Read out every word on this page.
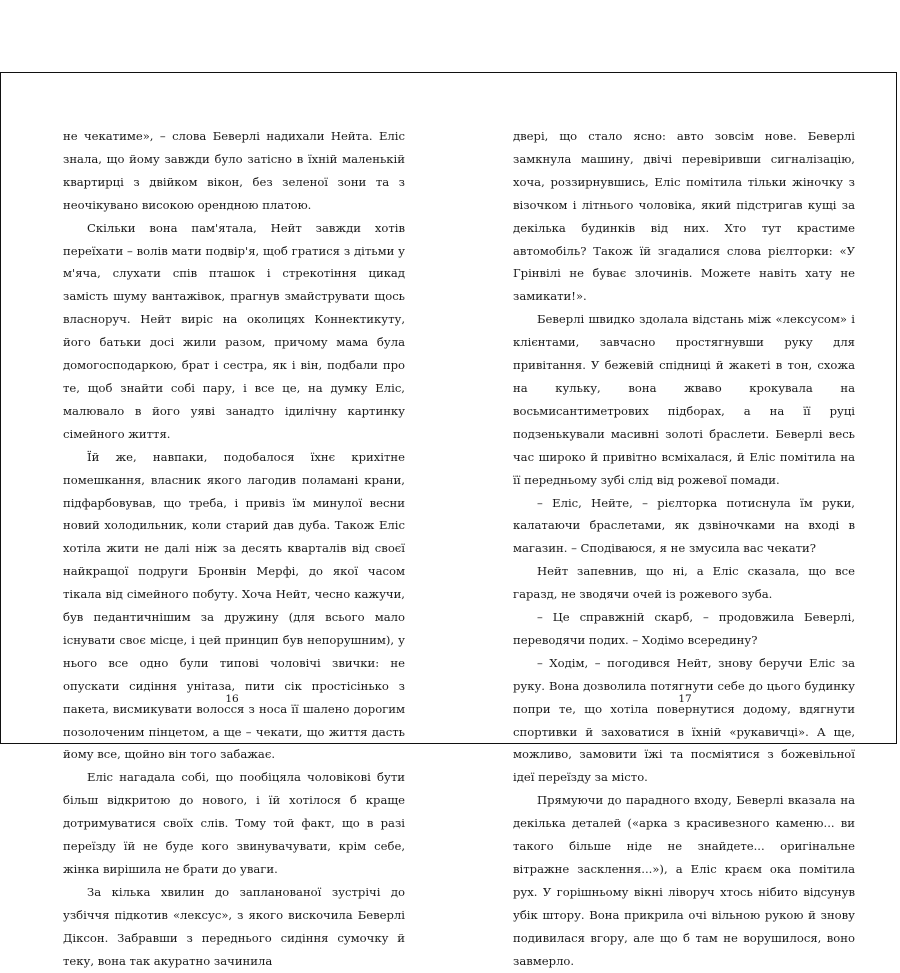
не чекатиме», – слова Беверлі надихали Нейта. Еліс знала, що йому завжди було затісно в їхній маленькій квартирці з двійком вікон, без зеленої зони та з неочікувано високою орендною платою.

Скільки вона пам'ятала, Нейт завжди хотів переїхати – волів мати подвір'я, щоб гратися з дітьми у м'яча, слухати спів пташок і стрекотіння цикад замість шуму вантажівок, прагнув змайструвати щось власноруч. Нейт виріс на околицях Коннектикуту, його батьки досі жили разом, причому мама була домогосподаркою, брат і сестра, як і він, подбали про те, щоб знайти собі пару, і все це, на думку Еліс, малювало в його уяві занадто ідилічну картинку сімейного життя.

Їй же, навпаки, подобалося їхнє крихітне помешкання, власник якого лагодив поламані крани, підфарбовував, що треба, і привіз їм минулої весни новий холодильник, коли старий дав дуба. Також Еліс хотіла жити не далі ніж за десять кварталів від своєї найкращої подруги Бронвін Мерфі, до якої часом тікала від сімейного побуту. Хоча Нейт, чесно кажучи, був педантичнішим за дружину (для всього мало існувати своє місце, і цей принцип був непорушним), у нього все одно були типові чоловічі звички: не опускати сидіння унітаза, пити сік простісінько з пакета, висмикувати волосся з носа її шалено дорогим позолоченим пінцетом, а ще – чекати, що життя дасть йому все, щойно він того забажає.

Еліс нагадала собі, що пообіцяла чоловікові бути більш відкритою до нового, і їй хотілося б краще дотримуватися своїх слів. Тому той факт, що в разі переїзду їй не буде кого звинувачувати, крім себе, жінка вирішила не брати до уваги.

За кілька хвилин до запланованої зустрічі до узбіччя підкотив «лексус», з якого вискочила Беверлі Діксон. Забравши з переднього сидіння сумочку й теку, вона так акуратно зачинила

16

двері, що стало ясно: авто зовсім нове. Беверлі замкнула машину, двічі перевіривши сигналізацію, хоча, роззирнувшись, Еліс помітила тільки жіночку з візочком і літнього чоловіка, який підстригав кущі за декілька будинків від них. Хто тут крастиме автомобіль? Також їй згадалися слова рієлторки: «У Грінвілі не буває злочинів. Можете навіть хату не замикати!».

Беверлі швидко здолала відстань між «лексусом» і клієнтами, завчасно простягнувши руку для привітання. У бежевій спідниці й жакеті в тон, схожа на кульку, вона жваво крокувала на восьмисантиметрових підборах, а на її руці подзенькували масивні золоті браслети. Беверлі весь час широко й привітно всміхалася, й Еліс помітила на її передньому зубі слід від рожевої помади.

– Еліс, Нейте, – рієлторка потиснула їм руки, калатаючи браслетами, як дзвіночками на вході в магазин. – Сподіваюся, я не змусила вас чекати?

Нейт запевнив, що ні, а Еліс сказала, що все гаразд, не зводячи очей із рожевого зуба.

– Це справжній скарб, – продовжила Беверлі, переводячи подих. – Ходімо всередину?

– Ходім, – погодився Нейт, знову беручи Еліс за руку. Вона дозволила потягнути себе до цього будинку попри те, що хотіла повернутися додому, вдягнути спортивки й заховатися в їхній «рукавичці». А ще, можливо, замовити їжі та посміятися з божевільної ідеї переїзду за місто.

Прямуючи до парадного входу, Беверлі вказала на декілька деталей («арка з красивезного каменю... ви такого більше ніде не знайдете... оригінальне вітражне засклення...»), а Еліс краєм ока помітила рух. У горішньому вікні ліворуч хтось нібито відсунув убік штору. Вона прикрила очі вільною рукою й знову подивилася вгору, але що б там не ворушилося, воно завмерло.

17
